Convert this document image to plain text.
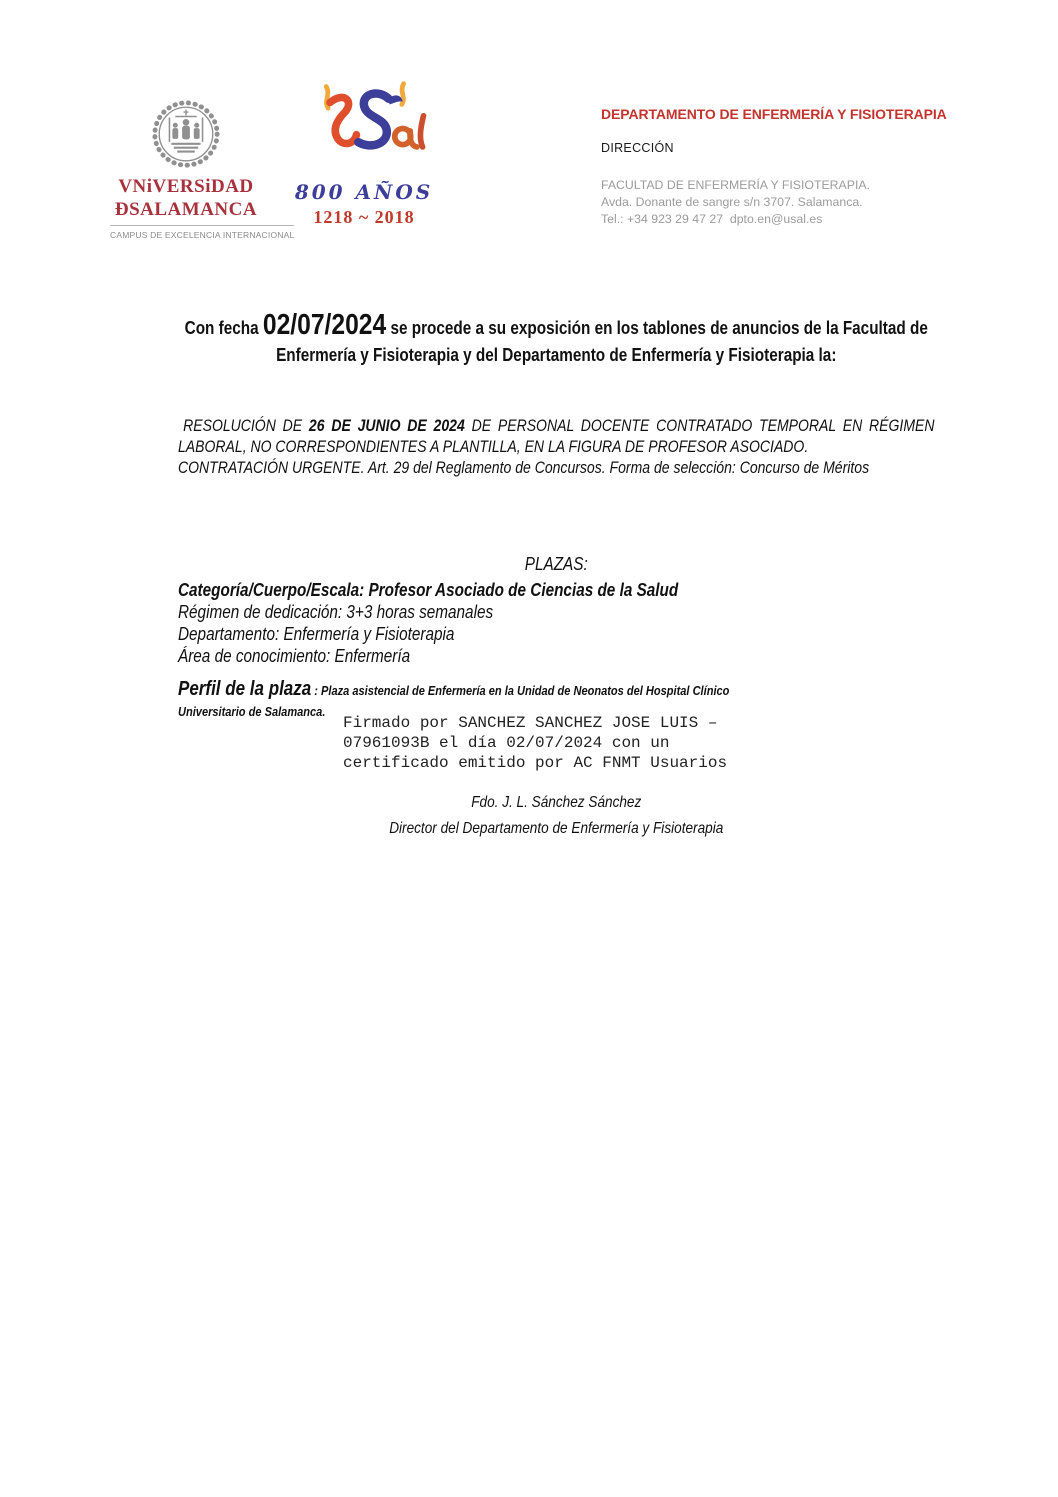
VNiVERSiDAD
ÐSALAMANCA
CAMPUS DE EXCELENCIA INTERNACIONAL
800 AÑOS
1218 ~ 2018
DEPARTAMENTO DE ENFERMERÍA Y FISIOTERAPIA
DIRECCIÓN
FACULTAD DE ENFERMERÍA Y FISIOTERAPIA.
Avda. Donante de sangre s/n 3707. Salamanca.
Tel.: +34 923 29 47 27  dpto.en@usal.es

Con fecha 02/07/2024 se procede a su exposición en los tablones de anuncios de la Facultad de Enfermería y Fisioterapia y del Departamento de Enfermería y Fisioterapia la:

RESOLUCIÓN DE 26 DE JUNIO DE 2024 DE PERSONAL DOCENTE CONTRATADO TEMPORAL EN RÉGIMEN LABORAL, NO CORRESPONDIENTES A PLANTILLA, EN LA FIGURA DE PROFESOR ASOCIADO.
CONTRATACIÓN URGENTE. Art. 29 del Reglamento de Concursos. Forma de selección: Concurso de Méritos

PLAZAS:

Categoría/Cuerpo/Escala: Profesor Asociado de Ciencias de la Salud
Régimen de dedicación: 3+3 horas semanales
Departamento: Enfermería y Fisioterapia
Área de conocimiento: Enfermería

Perfil de la plaza : Plaza asistencial de Enfermería en la Unidad de Neonatos del Hospital Clínico Universitario de Salamanca.

Firmado por SANCHEZ SANCHEZ JOSE LUIS –
07961093B el día 02/07/2024 con un
certificado emitido por AC FNMT Usuarios
Fdo. J. L. Sánchez Sánchez
Director del Departamento de Enfermería y Fisioterapia
